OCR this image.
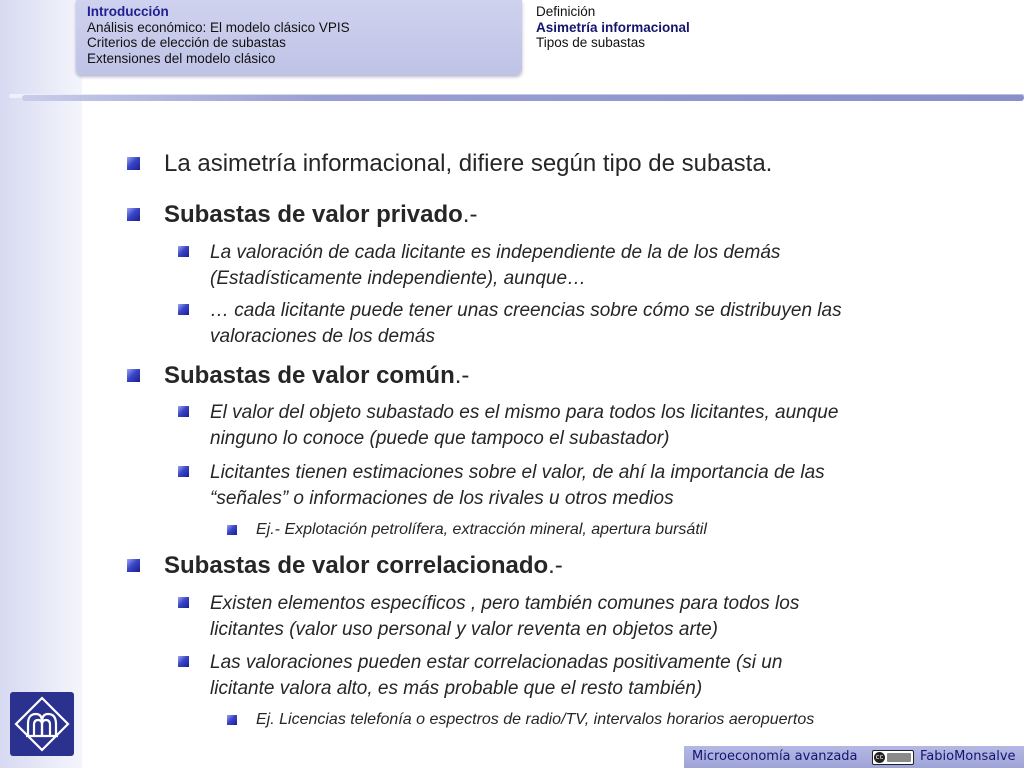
Introducción
Análisis económico: El modelo clásico VPIS
Criterios de elección de subastas
Extensiones del modelo clásico
Definición
Asimetría informacional
Tipos de subastas
La asimetría informacional, difiere según tipo de subasta.
Subastas de valor privado.-
La valoración de cada licitante es independiente de la de los demás
(Estadísticamente independiente), aunque…
… cada licitante puede tener unas creencias sobre cómo se distribuyen las
valoraciones de los demás
Subastas de valor común.-
El valor del objeto subastado es el mismo para todos los licitantes, aunque
ninguno lo conoce (puede que tampoco el subastador)
Licitantes tienen estimaciones sobre el valor, de ahí la importancia de las
“señales” o informaciones de los rivales u otros medios
Ej.- Explotación petrolífera, extracción mineral, apertura bursátil
Subastas de valor correlacionado.-
Existen elementos específicos , pero también comunes para todos los
licitantes (valor uso personal y valor reventa en objetos arte)
Las valoraciones pueden estar correlacionadas positivamente (si un
licitante valora alto, es más probable que el resto también)
Ej. Licencias telefonía o espectros de radio/TV, intervalos horarios aeropuertos
Microeconomía avanzada	cc	FabioMonsalve
